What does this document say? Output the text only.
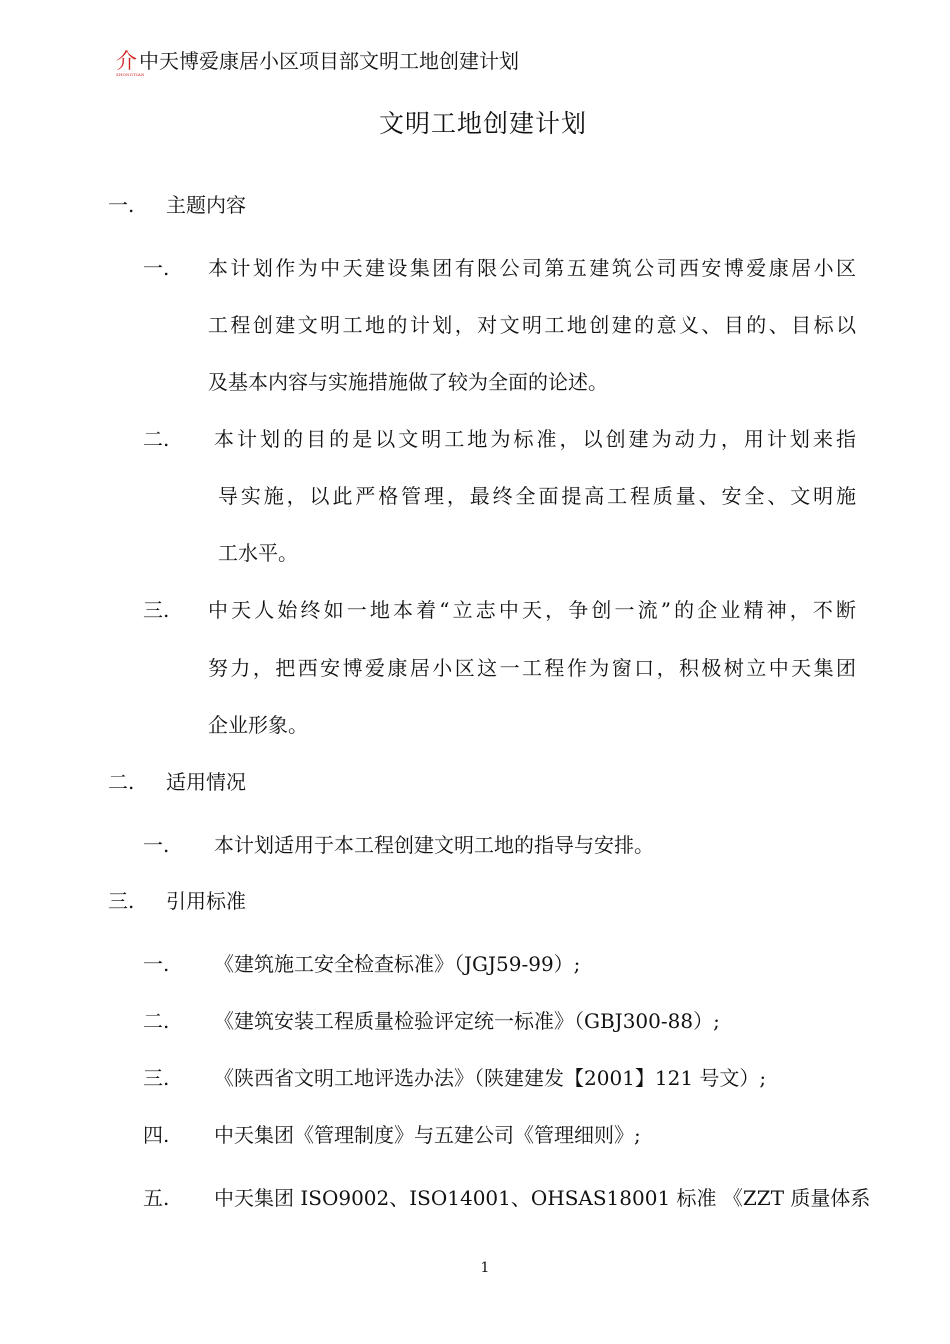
介
ZHONGTIAN
中天博爱康居小区项目部文明工地创建计划
文明工地创建计划
一. 主题内容
一. 本计划作为中天建设集团有限公司第五建筑公司西安博爱康居小区
工程创建文明工地的计划，对文明工地创建的意义、目的、目标以
及基本内容与实施措施做了较为全面的论述。
二. 本计划的目的是以文明工地为标准，以创建为动力，用计划来指
导实施，以此严格管理，最终全面提高工程质量、安全、文明施
工水平。
三. 中天人始终如一地本着“立志中天，争创一流”的企业精神，不断
努力，把西安博爱康居小区这一工程作为窗口，积极树立中天集团
企业形象。
二. 适用情况
一. 本计划适用于本工程创建文明工地的指导与安排。
三. 引用标准
一. 《建筑施工安全检查标准》（JGJ59-99）;
二. 《建筑安装工程质量检验评定统一标准》（GBJ300-88）;
三. 《陕西省文明工地评选办法》（陕建建发【2001】121 号文）;
四. 中天集团《管理制度》与五建公司《管理细则》;
五. 中天集团 ISO9002、ISO14001、OHSAS18001 标准 《ZZT 质量体系
1
